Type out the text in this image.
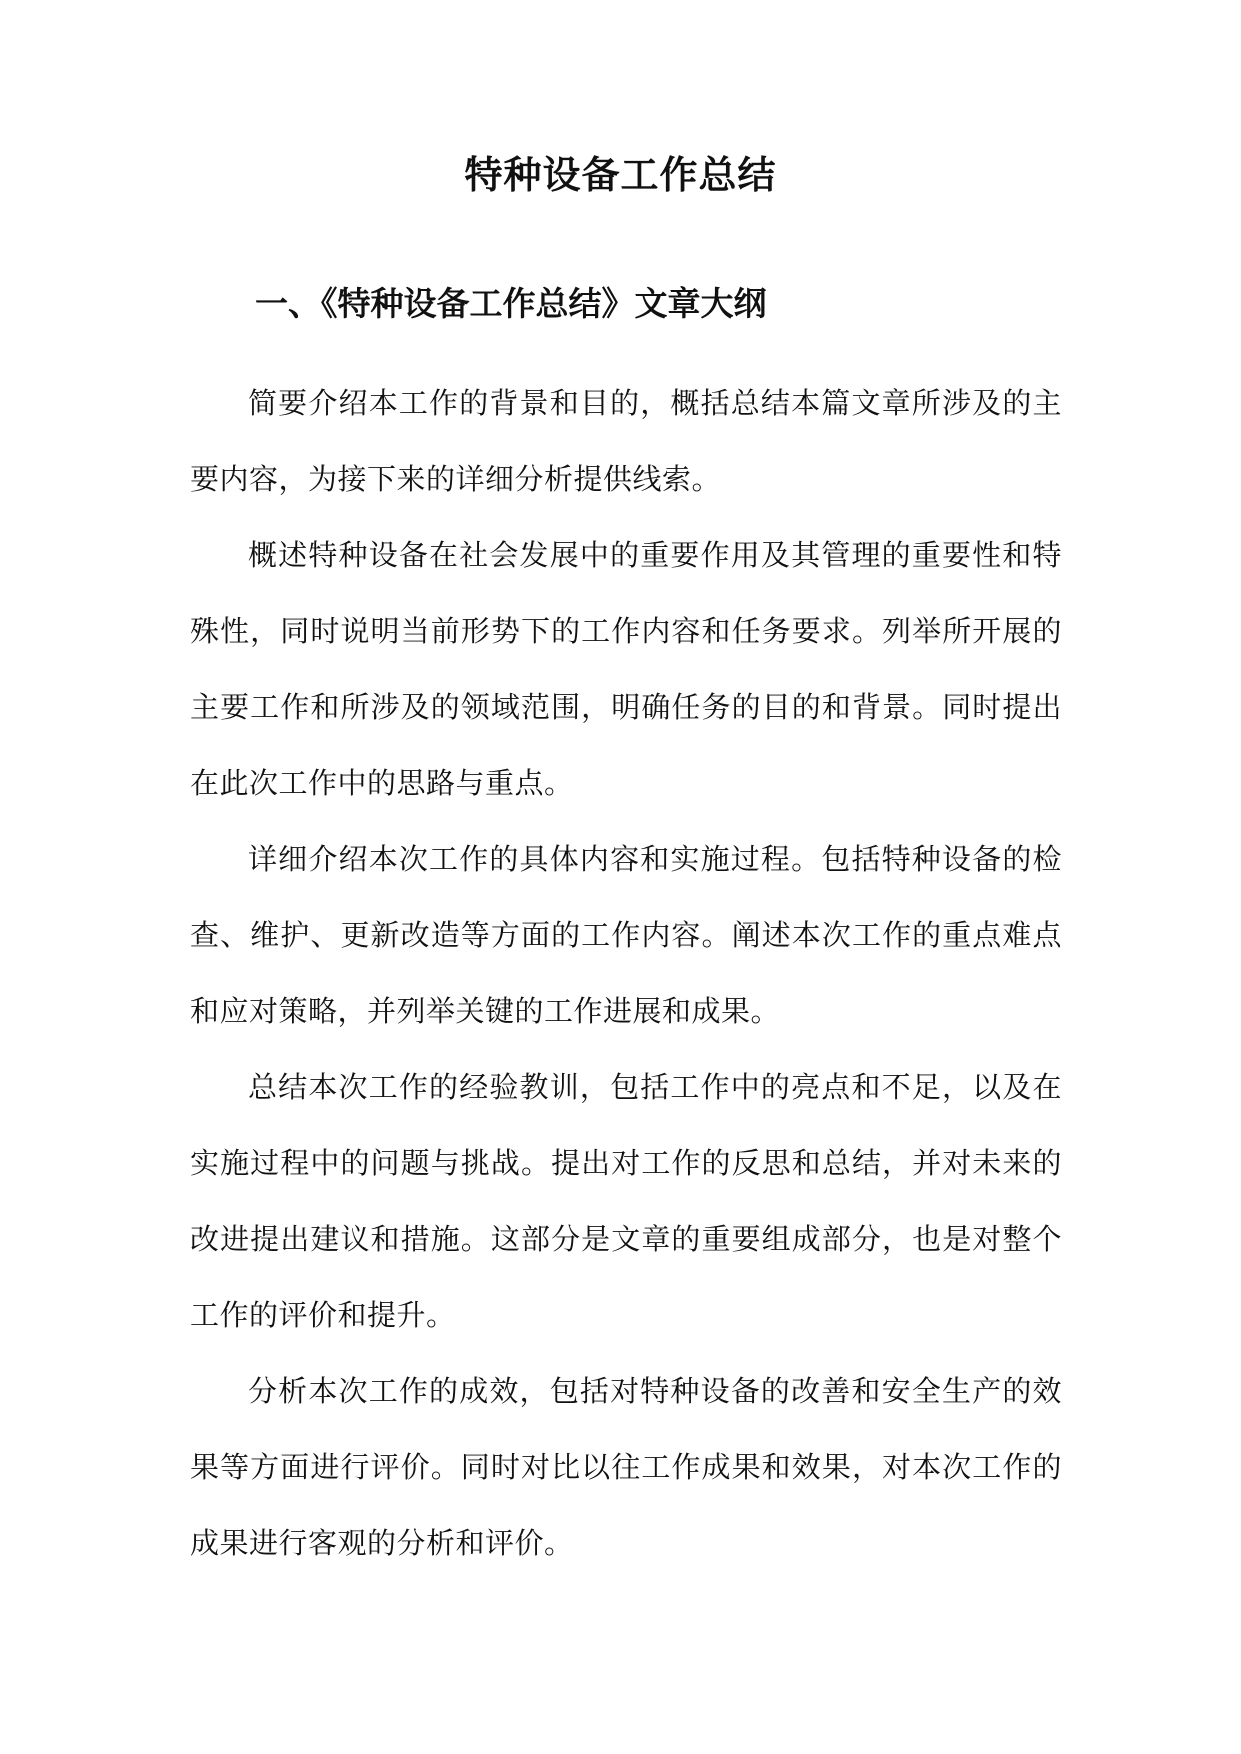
特种设备工作总结
一、《特种设备工作总结》文章大纲

简要介绍本工作的背景和目的，概括总结本篇文章所涉及的主要内容，为接下来的详细分析提供线索。

概述特种设备在社会发展中的重要作用及其管理的重要性和特殊性，同时说明当前形势下的工作内容和任务要求。列举所开展的主要工作和所涉及的领域范围，明确任务的目的和背景。同时提出在此次工作中的思路与重点。

详细介绍本次工作的具体内容和实施过程。包括特种设备的检查、维护、更新改造等方面的工作内容。阐述本次工作的重点难点和应对策略，并列举关键的工作进展和成果。

总结本次工作的经验教训，包括工作中的亮点和不足，以及在实施过程中的问题与挑战。提出对工作的反思和总结，并对未来的改进提出建议和措施。这部分是文章的重要组成部分，也是对整个工作的评价和提升。

分析本次工作的成效，包括对特种设备的改善和安全生产的效果等方面进行评价。同时对比以往工作成果和效果，对本次工作的成果进行客观的分析和评价。
